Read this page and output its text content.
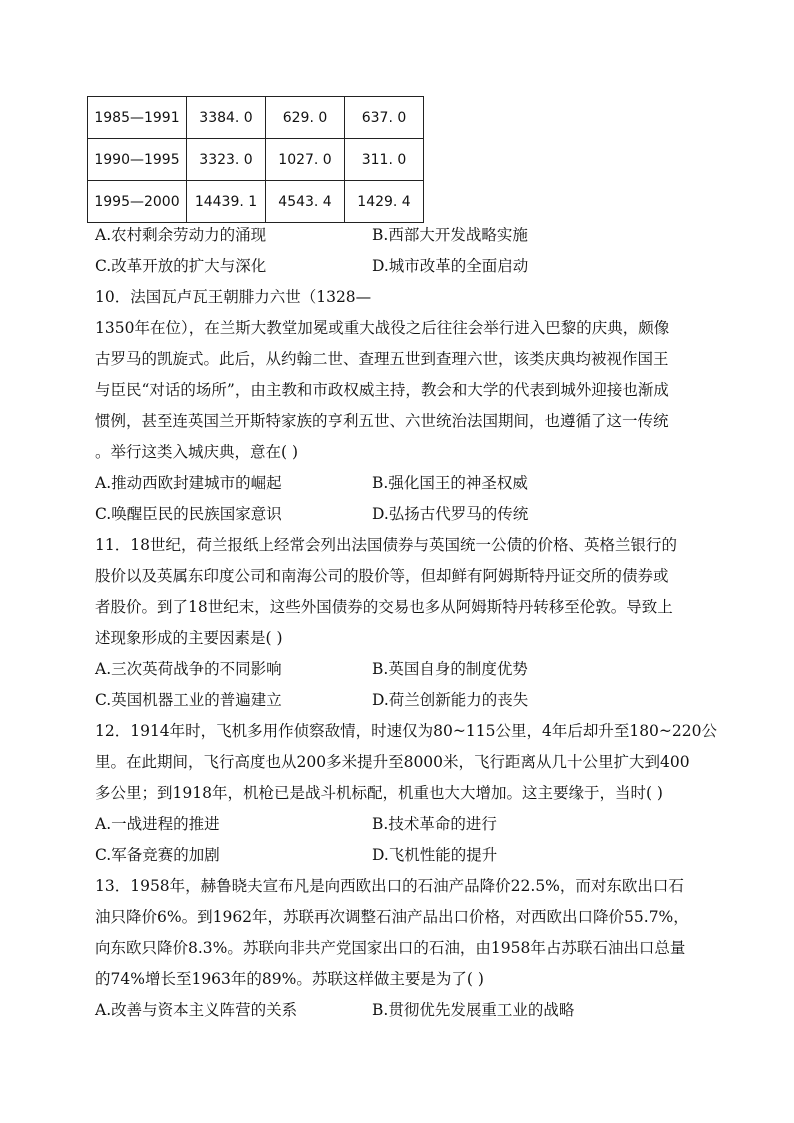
1985—1991	3384. 0	629. 0	637. 0
1990—1995	3323. 0	1027. 0	311. 0
1995—2000	14439. 1	4543. 4	1429. 4
A.农村剩余劳动力的涌现	B.西部大开发战略实施
C.改革开放的扩大与深化	D.城市改革的全面启动
10．法国瓦卢瓦王朝腓力六世（1328—
1350年在位），在兰斯大教堂加冕或重大战役之后往往会举行进入巴黎的庆典，颇像
古罗马的凯旋式。此后，从约翰二世、查理五世到查理六世，该类庆典均被视作国王
与臣民“对话的场所”，由主教和市政权威主持，教会和大学的代表到城外迎接也渐成
惯例，甚至连英国兰开斯特家族的亨利五世、六世统治法国期间，也遵循了这一传统
。举行这类入城庆典，意在( )
A.推动西欧封建城市的崛起	B.强化国王的神圣权威
C.唤醒臣民的民族国家意识	D.弘扬古代罗马的传统
11．18世纪，荷兰报纸上经常会列出法国债券与英国统一公债的价格、英格兰银行的
股价以及英属东印度公司和南海公司的股价等，但却鲜有阿姆斯特丹证交所的债券或
者股价。到了18世纪末，这些外国债券的交易也多从阿姆斯特丹转移至伦敦。导致上
述现象形成的主要因素是( )
A.三次英荷战争的不同影响	B.英国自身的制度优势
C.英国机器工业的普遍建立	D.荷兰创新能力的丧失
12．1914年时，飞机多用作侦察敌情，时速仅为80~115公里，4年后却升至180~220公
里。在此期间，飞行高度也从200多米提升至8000米，飞行距离从几十公里扩大到400
多公里；到1918年，机枪已是战斗机标配，机重也大大增加。这主要缘于，当时( )
A.一战进程的推进	B.技术革命的进行
C.军备竞赛的加剧	D.飞机性能的提升
13．1958年，赫鲁晓夫宣布凡是向西欧出口的石油产品降价22.5%，而对东欧出口石
油只降价6%。到1962年，苏联再次调整石油产品出口价格，对西欧出口降价55.7%，
向东欧只降价8.3%。苏联向非共产党国家出口的石油，由1958年占苏联石油出口总量
的74%增长至1963年的89%。苏联这样做主要是为了( )
A.改善与资本主义阵营的关系	B.贯彻优先发展重工业的战略
